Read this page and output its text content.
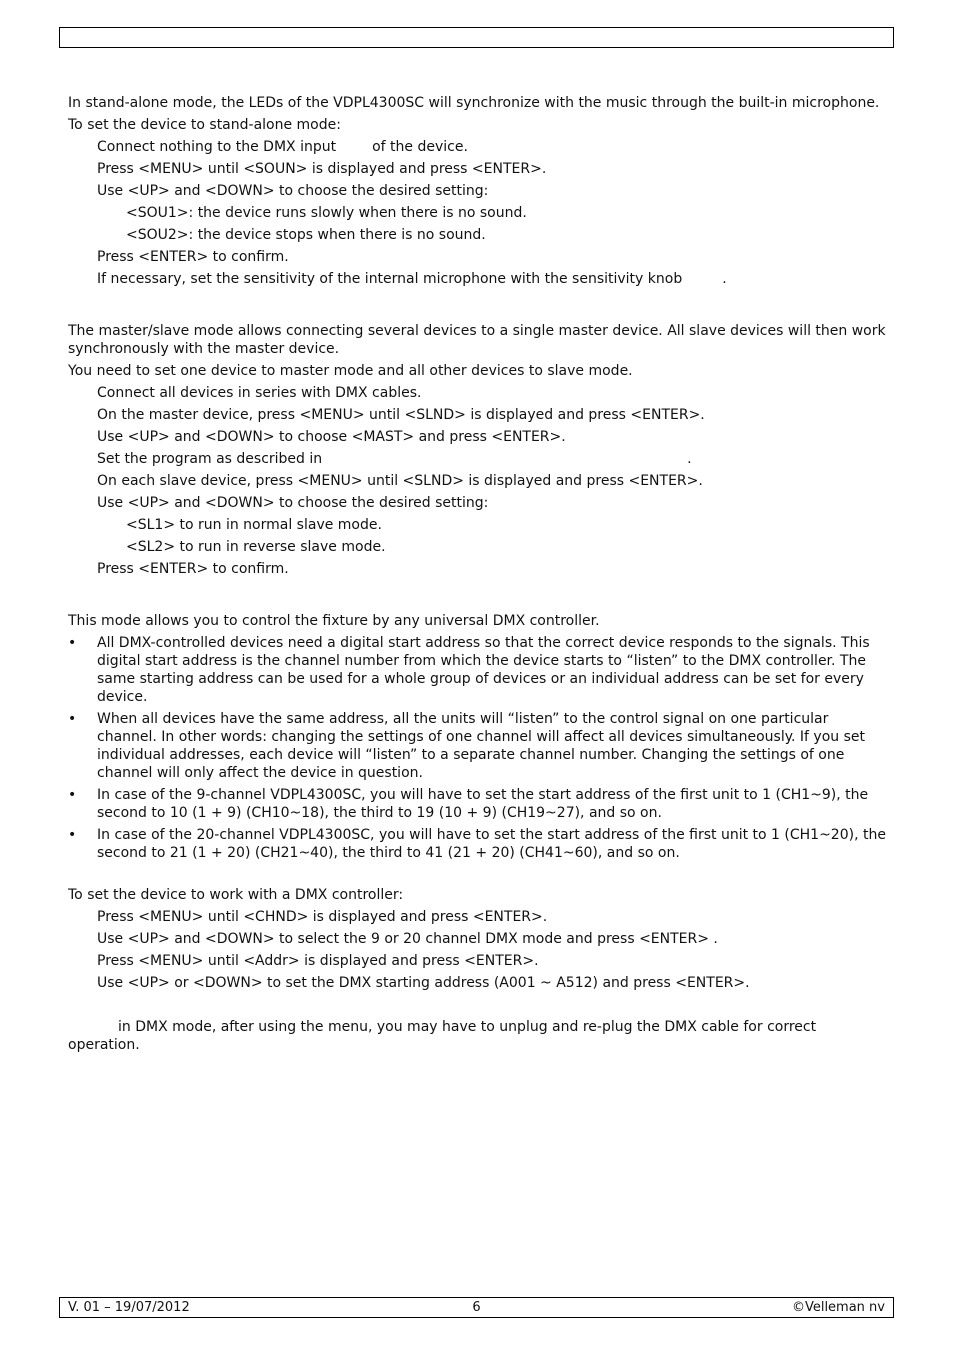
In stand-alone mode, the LEDs of the VDPL4300SC will synchronize with the music through the built-in microphone.
To set the device to stand-alone mode:
Connect nothing to the DMX input	of the device.
Press <MENU> until <SOUN> is displayed and press <ENTER>.
Use <UP> and <DOWN> to choose the desired setting:
<SOU1>: the device runs slowly when there is no sound.
<SOU2>: the device stops when there is no sound.
Press <ENTER> to confirm.
If necessary, set the sensitivity of the internal microphone with the sensitivity knob	.
The master/slave mode allows connecting several devices to a single master device. All slave devices will then work synchronously with the master device.
You need to set one device to master mode and all other devices to slave mode.
Connect all devices in series with DMX cables.
On the master device, press <MENU> until <SLND> is displayed and press <ENTER>.
Use <UP> and <DOWN> to choose <MAST> and press <ENTER>.
Set the program as described in	.
On each slave device, press <MENU> until <SLND> is displayed and press <ENTER>.
Use <UP> and <DOWN> to choose the desired setting:
<SL1> to run in normal slave mode.
<SL2> to run in reverse slave mode.
Press <ENTER> to confirm.
This mode allows you to control the fixture by any universal DMX controller.
• All DMX-controlled devices need a digital start address so that the correct device responds to the signals. This digital start address is the channel number from which the device starts to “listen” to the DMX controller. The same starting address can be used for a whole group of devices or an individual address can be set for every device.
• When all devices have the same address, all the units will “listen” to the control signal on one particular channel. In other words: changing the settings of one channel will affect all devices simultaneously. If you set individual addresses, each device will “listen” to a separate channel number. Changing the settings of one channel will only affect the device in question.
• In case of the 9-channel VDPL4300SC, you will have to set the start address of the first unit to 1 (CH1~9), the second to 10 (1 + 9) (CH10~18), the third to 19 (10 + 9) (CH19~27), and so on.
• In case of the 20-channel VDPL4300SC, you will have to set the start address of the first unit to 1 (CH1~20), the second to 21 (1 + 20) (CH21~40), the third to 41 (21 + 20) (CH41~60), and so on.
To set the device to work with a DMX controller:
Press <MENU> until <CHND> is displayed and press <ENTER>.
Use <UP> and <DOWN> to select the 9 or 20 channel DMX mode and press <ENTER> .
Press <MENU> until <Addr> is displayed and press <ENTER>.
Use <UP> or <DOWN> to set the DMX starting address (A001 ~ A512) and press <ENTER>.
in DMX mode, after using the menu, you may have to unplug and re-plug the DMX cable for correct operation.
V. 01 – 19/07/2012	6	©Velleman nv
